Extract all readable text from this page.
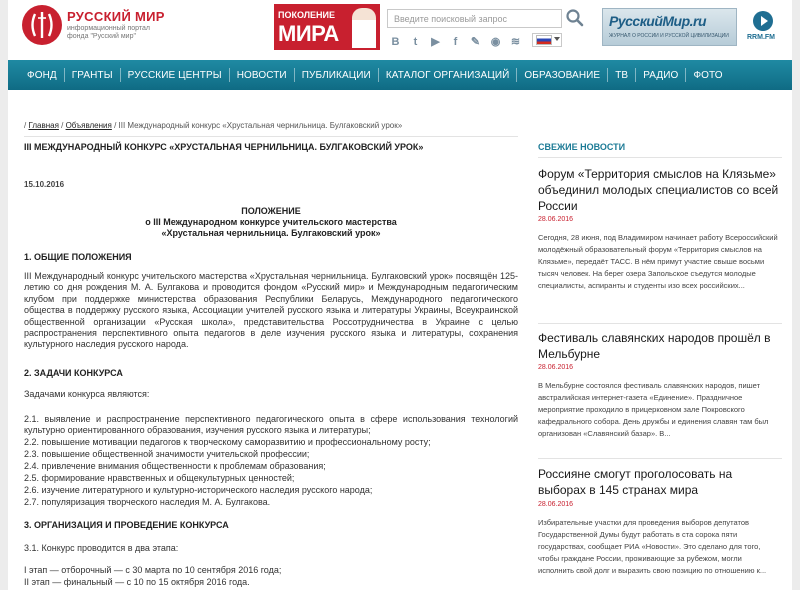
РУССКИЙ МИР
информационный портал фонда "Русский мир"
ПОКОЛЕНИЕ
МИРА
Введите поисковый запрос	В	t	▶	f	✎ ◉ ≋
РусскийМир.ru
ЖУРНАЛ О РОССИИ И РУССКОЙ ЦИВИЛИЗАЦИИ	RRM.FM
ФОНД	ГРАНТЫ	РУССКИЕ ЦЕНТРЫ	НОВОСТИ	ПУБЛИКАЦИИ	КАТАЛОГ ОРГАНИЗАЦИЙ	ОБРАЗОВАНИЕ	ТВ	РАДИО	ФОТО
/ Главная / Объявления / III Международный конкурс «Хрустальная чернильница. Булгаковский урок»
III МЕЖДУНАРОДНЫЙ КОНКУРС «ХРУСТАЛЬНАЯ ЧЕРНИЛЬНИЦА. БУЛГАКОВСКИЙ УРОК»
15.10.2016
ПОЛОЖЕНИЕ
о III Международном конкурсе учительского мастерства
«Хрустальная чернильница. Булгаковский урок»
1. ОБЩИЕ ПОЛОЖЕНИЯ
III Международный конкурс учительского мастерства «Хрустальная чернильница. Булгаковский урок» посвящён 125-летию со дня рождения М. А. Булгакова и проводится фондом «Русский мир» и Международным педагогическим клубом при поддержке министерства образования Республики Беларусь, Международного педагогического общества в поддержку русского языка, Ассоциации учителей русского языка и литературы Украины, Всеукраинской общественной организации «Русская школа», представительства Россотрудничества в Украине с целью распространения перспективного опыта педагогов в деле изучения русского языка и литературы, сохранения культурного наследия русского народа.
2. ЗАДАЧИ КОНКУРСА
Задачами конкурса являются:
2.1. выявление и распространение перспективного педагогического опыта в сфере использования технологий культурно ориентированного образования, изучения русского языка и литературы;
2.2. повышение мотивации педагогов к творческому саморазвитию и профессиональному росту;
2.3. повышение общественной значимости учительской профессии;
2.4. привлечение внимания общественности к проблемам образования;
2.5. формирование нравственных и общекультурных ценностей;
2.6. изучение литературного и культурно-исторического наследия русского народа;
2.7. популяризация творческого наследия М. А. Булгакова.
3. ОРГАНИЗАЦИЯ И ПРОВЕДЕНИЕ КОНКУРСА
3.1. Конкурс проводится в два этапа:
I этап — отборочный — с 30 марта по 10 сентября 2016 года;
II этап — финальный — с 10 по 15 октября 2016 года.
СВЕЖИЕ НОВОСТИ
Форум «Территория смыслов на Клязьме» объединил молодых специалистов со всей России
28.06.2016
Сегодня, 28 июня, под Владимиром начинает работу Всероссийский молодёжный образовательный форум «Территория смыслов на Клязьме», передаёт ТАСС. В нём примут участие свыше восьми тысяч человек. На берег озера Запольское съедутся молодые специалисты, аспиранты и студенты изо всех российских...
Фестиваль славянских народов прошёл в Мельбурне
28.06.2016
В Мельбурне состоялся фестиваль славянских народов, пишет австралийская интернет-газета «Единение». Праздничное мероприятие проходило в прицерковном зале Покровского кафедрального собора. День дружбы и единения славян там был организован «Славянский базар». В...
Россияне смогут проголосовать на выборах в 145 странах мира
28.06.2016
Избирательные участки для проведения выборов депутатов Государственной Думы будут работать в ста сорока пяти государствах, сообщает РИА «Новости». Это сделано для того, чтобы граждане России, проживающие за рубежом, могли исполнить свой долг и выразить свою позицию по отношению к...
